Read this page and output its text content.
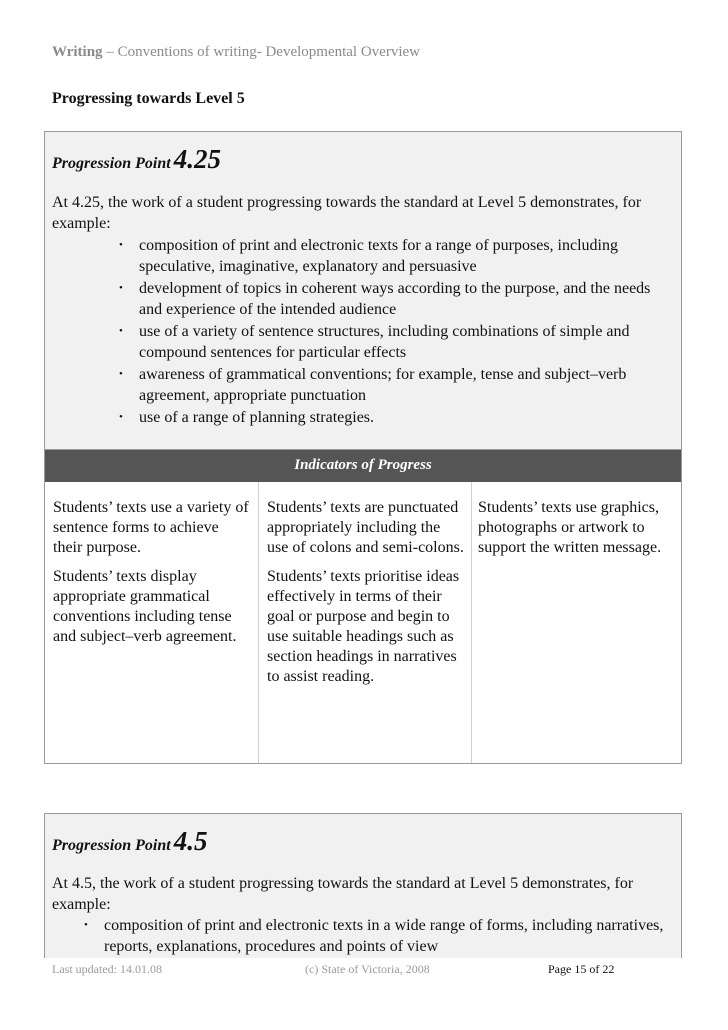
Writing – Conventions of writing- Developmental Overview
Progressing towards Level 5
Progression Point 4.25
At 4.25, the work of a student progressing towards the standard at Level 5 demonstrates, for example:
• composition of print and electronic texts for a range of purposes, including speculative, imaginative, explanatory and persuasive
• development of topics in coherent ways according to the purpose, and the needs and experience of the intended audience
• use of a variety of sentence structures, including combinations of simple and compound sentences for particular effects
• awareness of grammatical conventions; for example, tense and subject–verb agreement, appropriate punctuation
• use of a range of planning strategies.
Indicators of Progress

Students’ texts use a variety of sentence forms to achieve their purpose.

Students’ texts display appropriate grammatical conventions including tense and subject–verb agreement.

Students’ texts are punctuated appropriately including the use of colons and semi-colons.

Students’ texts prioritise ideas effectively in terms of their goal or purpose and begin to use suitable headings such as section headings in narratives to assist reading.

Students’ texts use graphics, photographs or artwork to support the written message.

Progression Point 4.5
At 4.5, the work of a student progressing towards the standard at Level 5 demonstrates, for example:
• composition of print and electronic texts in a wide range of forms, including narratives, reports, explanations, procedures and points of view
Last updated: 14.01.08	(c) State of Victoria, 2008	Page 15 of 22
